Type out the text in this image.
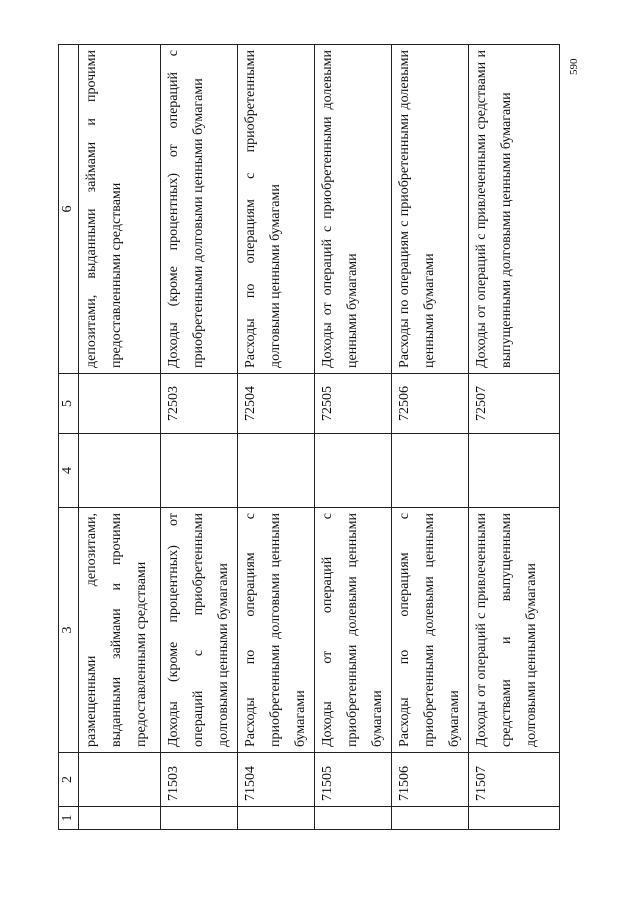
590
1	2	3	4	5	6
		размещенными депозитами, выданными займами и прочими предоставленными средствами			депозитами, выданными займами и прочими предоставленными средствами
	71503	Доходы (кроме процентных) от операций с приобретенными долговыми ценными бумагами		72503	Доходы (кроме процентных) от операций с приобретенными долговыми ценными бумагами
	71504	Расходы по операциям с приобретенными долговыми ценными бумагами		72504	Расходы по операциям с приобретенными долговыми ценными бумагами
	71505	Доходы от операций с приобретенными долевыми ценными бумагами		72505	Доходы от операций с приобретенными долевыми ценными бумагами
	71506	Расходы по операциям с приобретенными долевыми ценными бумагами		72506	Расходы по операциям с приобретенными долевыми ценными бумагами
	71507	Доходы от операций с привлеченными средствами и выпущенными долговыми ценными бумагами		72507	Доходы от операций с привлеченными средствами и выпущенными долговыми ценными бумагами
